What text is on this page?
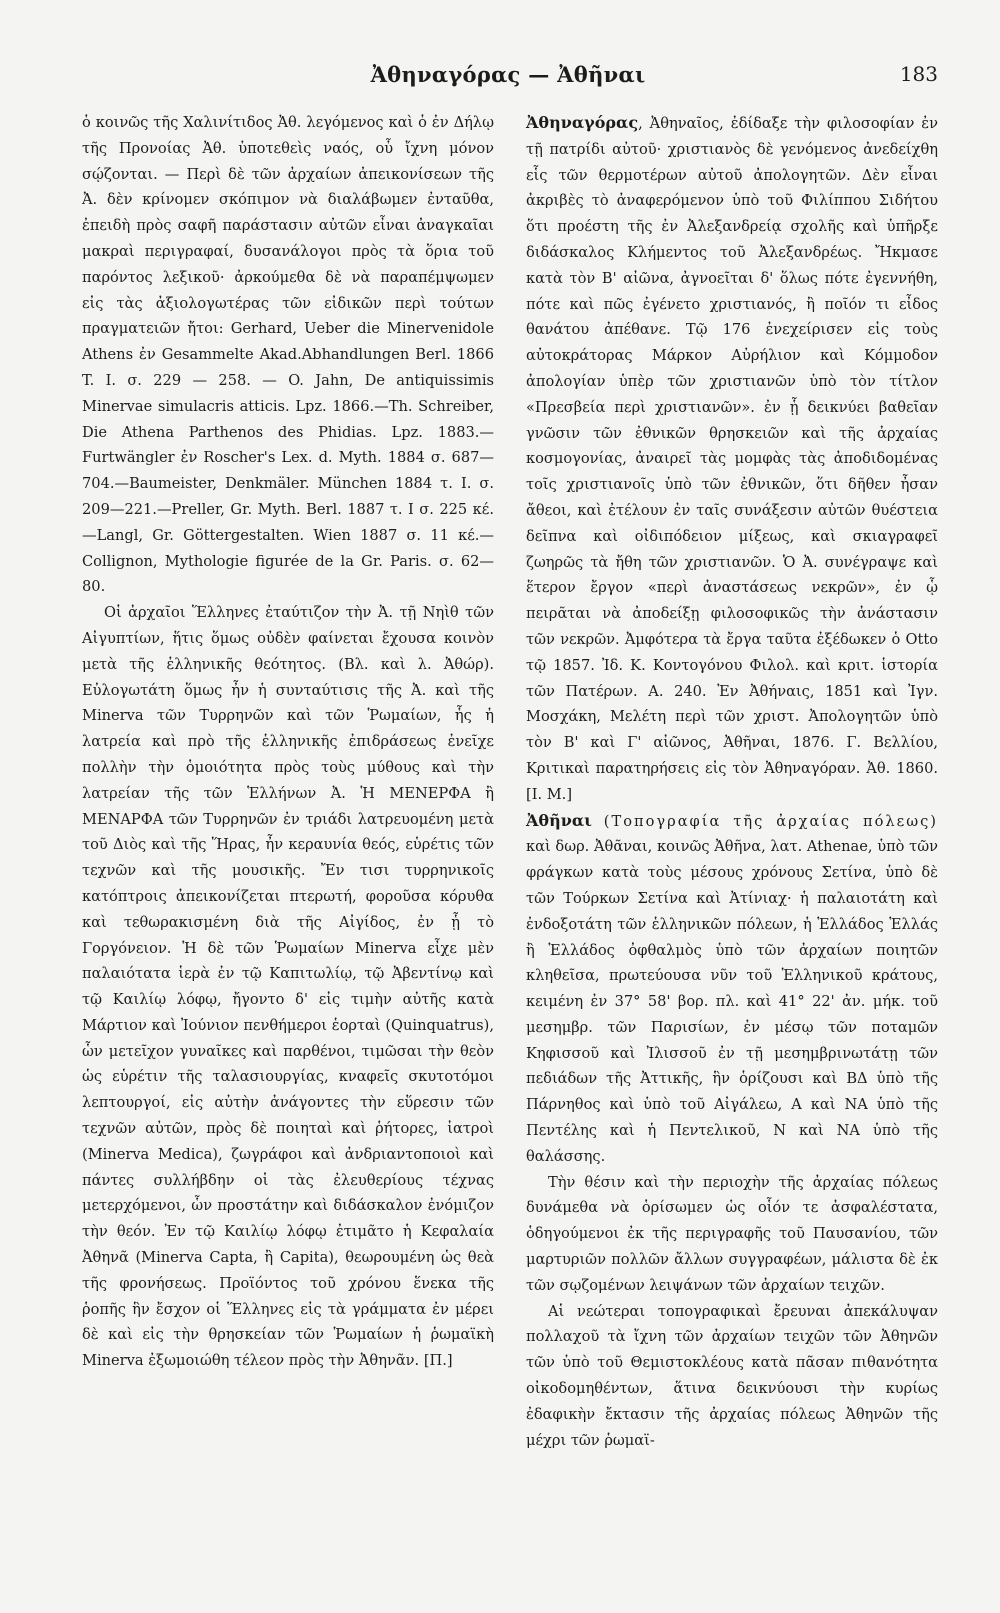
Ἀθηναγόρας — Ἀθῆναι	183

ὁ κοινῶς τῆς Χαλινίτιδος Ἀθ. λεγόμενος καὶ ὁ ἐν Δήλῳ τῆς Προνοίας Ἀθ. ὑποτεθεὶς ναός, οὗ ἴχνη μόνον σῴζονται. — Περὶ δὲ τῶν ἀρχαίων ἀπεικονίσεων τῆς Ἀ. δὲν κρίνομεν σκόπιμον νὰ διαλάβωμεν ἐνταῦθα, ἐπειδὴ πρὸς σαφῆ παράστασιν αὐτῶν εἶναι ἀναγκαῖαι μακραὶ περιγραφαί, δυσανάλογοι πρὸς τὰ ὅρια τοῦ παρόντος λεξικοῦ· ἀρκούμεθα δὲ νὰ παραπέμψωμεν εἰς τὰς ἀξιολογωτέρας τῶν εἰδικῶν περὶ τούτων πραγματειῶν ἤτοι: Gerhard, Ueber die Minervenidole Athens ἐν Gesammelte Akad.Abhandlungen Berl. 1866 T. I. σ. 229 — 258. — O. Jahn, De antiquissimis Minervae simulacris atticis. Lpz. 1866.—Th. Schreiber, Die Athena Parthenos des Phidias. Lpz. 1883.—Furtwängler ἐν Roscher's Lex. d. Myth. 1884 σ. 687—704.—Baumeister, Denkmäler. München 1884 τ. I. σ. 209—221.—Preller, Gr. Myth. Berl. 1887 τ. I σ. 225 κέ.—Langl, Gr. Göttergestalten. Wien 1887 σ. 11 κέ.—Collignon, Mythologie figurée de la Gr. Paris. σ. 62—80.

Οἱ ἀρχαῖοι Ἕλληνες ἐταύτιζον τὴν Ἀ. τῇ Νηὶθ τῶν Αἰγυπτίων, ἥτις ὅμως οὐδὲν φαίνεται ἔχουσα κοινὸν μετὰ τῆς ἑλληνικῆς θεότητος. (Βλ. καὶ λ. Ἀθώρ). Εὐλογωτάτη ὅμως ἦν ἡ συνταύτισις τῆς Ἀ. καὶ τῆς Minerva τῶν Τυρρηνῶν καὶ τῶν Ῥωμαίων, ἧς ἡ λατρεία καὶ πρὸ τῆς ἑλληνικῆς ἐπιδράσεως ἐνεῖχε πολλὴν τὴν ὁμοιότητα πρὸς τοὺς μύθους καὶ τὴν λατρείαν τῆς τῶν Ἑλλήνων Ἀ. Ἡ ΜΕΝΕΡΦΑ ἢ ΜΕΝΑΡΦΑ τῶν Τυρρηνῶν ἐν τριάδι λατρευομένη μετὰ τοῦ Διὸς καὶ τῆς Ἥρας, ἦν κεραυνία θεός, εὑρέτις τῶν τεχνῶν καὶ τῆς μουσικῆς. Ἔν τισι τυρρηνικοῖς κατόπτροις ἀπεικονίζεται πτερωτή, φοροῦσα κόρυθα καὶ τεθωρακισμένη διὰ τῆς Αἰγίδος, ἐν ᾗ τὸ Γοργόνειον. Ἡ δὲ τῶν Ῥωμαίων Minerva εἶχε μὲν παλαιότατα ἱερὰ ἐν τῷ Καπιτωλίῳ, τῷ Ἀβεντίνῳ καὶ τῷ Καιλίῳ λόφῳ, ἤγοντο δ' εἰς τιμὴν αὐτῆς κατὰ Μάρτιον καὶ Ἰούνιον πενθήμεροι ἑορταὶ (Quinquatrus), ὧν μετεῖχον γυναῖκες καὶ παρθένοι, τιμῶσαι τὴν θεὸν ὡς εὑρέτιν τῆς ταλασιουργίας, κναφεῖς σκυτοτόμοι λεπτουργοί, εἰς αὐτὴν ἀνάγοντες τὴν εὕρεσιν τῶν τεχνῶν αὐτῶν, πρὸς δὲ ποιηταὶ καὶ ῥήτορες, ἰατροὶ (Minerva Medica), ζωγράφοι καὶ ἀνδριαντοποιοὶ καὶ πάντες συλλήβδην οἱ τὰς ἐλευθερίους τέχνας μετερχόμενοι, ὧν προστάτην καὶ διδάσκαλον ἐνόμιζον τὴν θεόν. Ἐν τῷ Καιλίῳ λόφῳ ἐτιμᾶτο ἡ Κεφαλαία Ἀθηνᾶ (Minerva Capta, ἢ Capita), θεωρουμένη ὡς θεὰ τῆς φρονήσεως. Προϊόντος τοῦ χρόνου ἕνεκα τῆς ῥοπῆς ἣν ἔσχον οἱ Ἕλληνες εἰς τὰ γράμματα ἐν μέρει δὲ καὶ εἰς τὴν θρησκείαν τῶν Ῥωμαίων ἡ ῥωμαϊκὴ Minerva ἐξωμοιώθη τέλεον πρὸς τὴν Ἀθηνᾶν. [Π.]

Ἀθηναγόρας, Ἀθηναῖος, ἐδίδαξε τὴν φιλοσοφίαν ἐν τῇ πατρίδι αὐτοῦ· χριστιανὸς δὲ γενόμενος ἀνεδείχθη εἷς τῶν θερμοτέρων αὐτοῦ ἀπολογητῶν. Δὲν εἶναι ἀκριβὲς τὸ ἀναφερόμενον ὑπὸ τοῦ Φιλίππου Σιδήτου ὅτι προέστη τῆς ἐν Ἀλεξανδρείᾳ σχολῆς καὶ ὑπῆρξε διδάσκαλος Κλήμεντος τοῦ Ἀλεξανδρέως. Ἤκμασε κατὰ τὸν Β' αἰῶνα, ἀγνοεῖται δ' ὅλως πότε ἐγεννήθη, πότε καὶ πῶς ἐγένετο χριστιανός, ἢ ποῖόν τι εἶδος θανάτου ἀπέθανε. Τῷ 176 ἐνεχείρισεν εἰς τοὺς αὐτοκράτορας Μάρκον Αὐρήλιον καὶ Κόμμοδον ἀπολογίαν ὑπὲρ τῶν χριστιανῶν ὑπὸ τὸν τίτλον «Πρεσβεία περὶ χριστιανῶν». ἐν ᾗ δεικνύει βαθεῖαν γνῶσιν τῶν ἐθνικῶν θρησκειῶν καὶ τῆς ἀρχαίας κοσμογονίας, ἀναιρεῖ τὰς μομφὰς τὰς ἀποδιδομένας τοῖς χριστιανοῖς ὑπὸ τῶν ἐθνικῶν, ὅτι δῆθεν ἦσαν ἄθεοι, καὶ ἐτέλουν ἐν ταῖς συνάξεσιν αὐτῶν θυέστεια δεῖπνα καὶ οἰδιπόδειον μίξεως, καὶ σκιαγραφεῖ ζωηρῶς τὰ ἤθη τῶν χριστιανῶν. Ὁ Ἀ. συνέγραψε καὶ ἕτερον ἔργον «περὶ ἀναστάσεως νεκρῶν», ἐν ᾧ πειρᾶται νὰ ἀποδείξῃ φιλοσοφικῶς τὴν ἀνάστασιν τῶν νεκρῶν. Ἀμφότερα τὰ ἔργα ταῦτα ἐξέδωκεν ὁ Otto τῷ 1857. Ἰδ. Κ. Κοντογόνου Φιλολ. καὶ κριτ. ἱστορία τῶν Πατέρων. Α. 240. Ἐν Ἀθήναις, 1851 καὶ Ἰγν. Μοσχάκη, Μελέτη περὶ τῶν χριστ. Ἀπολογητῶν ὑπὸ τὸν Β' καὶ Γ' αἰῶνος, Ἀθῆναι, 1876. Γ. Βελλίου, Κριτικαὶ παρατηρήσεις εἰς τὸν Ἀθηναγόραν. Ἀθ. 1860. [Ι. Μ.]

Ἀθῆναι (Τοπογραφία τῆς ἀρχαίας πόλεως) καὶ δωρ. Ἀθᾶναι, κοινῶς Ἀθῆνα, λατ. Athenae, ὑπὸ τῶν φράγκων κατὰ τοὺς μέσους χρόνους Σετίνα, ὑπὸ δὲ τῶν Τούρκων Σετίνα καὶ Ἀτίνιαχ· ἡ παλαιοτάτη καὶ ἐνδοξοτάτη τῶν ἑλληνικῶν πόλεων, ἡ Ἑλλάδος Ἑλλάς ἢ Ἑλλάδος ὀφθαλμὸς ὑπὸ τῶν ἀρχαίων ποιητῶν κληθεῖσα, πρωτεύουσα νῦν τοῦ Ἑλληνικοῦ κράτους, κειμένη ἐν 37° 58' βορ. πλ. καὶ 41° 22' ἀν. μήκ. τοῦ μεσημβρ. τῶν Παρισίων, ἐν μέσῳ τῶν ποταμῶν Κηφισσοῦ καὶ Ἰλισσοῦ ἐν τῇ μεσημβρινωτάτῃ τῶν πεδιάδων τῆς Ἀττικῆς, ἣν ὁρίζουσι καὶ ΒΔ ὑπὸ τῆς Πάρνηθος καὶ ὑπὸ τοῦ Αἰγάλεω, Α καὶ ΝΑ ὑπὸ τῆς Πεντέλης καὶ ἡ Πεντελικοῦ, Ν καὶ ΝΑ ὑπὸ τῆς θαλάσσης.

Τὴν θέσιν καὶ τὴν περιοχὴν τῆς ἀρχαίας πόλεως δυνάμεθα νὰ ὁρίσωμεν ὡς οἷόν τε ἀσφαλέστατα, ὁδηγούμενοι ἐκ τῆς περιγραφῆς τοῦ Παυσανίου, τῶν μαρτυριῶν πολλῶν ἄλλων συγγραφέων, μάλιστα δὲ ἐκ τῶν σῳζομένων λειψάνων τῶν ἀρχαίων τειχῶν.

Αἱ νεώτεραι τοπογραφικαὶ ἔρευναι ἀπεκάλυψαν πολλαχοῦ τὰ ἴχνη τῶν ἀρχαίων τειχῶν τῶν Ἀθηνῶν τῶν ὑπὸ τοῦ Θεμιστοκλέους κατὰ πᾶσαν πιθανότητα οἰκοδομηθέντων, ἅτινα δεικνύουσι τὴν κυρίως ἐδαφικὴν ἔκτασιν τῆς ἀρχαίας πόλεως Ἀθηνῶν τῆς μέχρι τῶν ῥωμαϊ-
